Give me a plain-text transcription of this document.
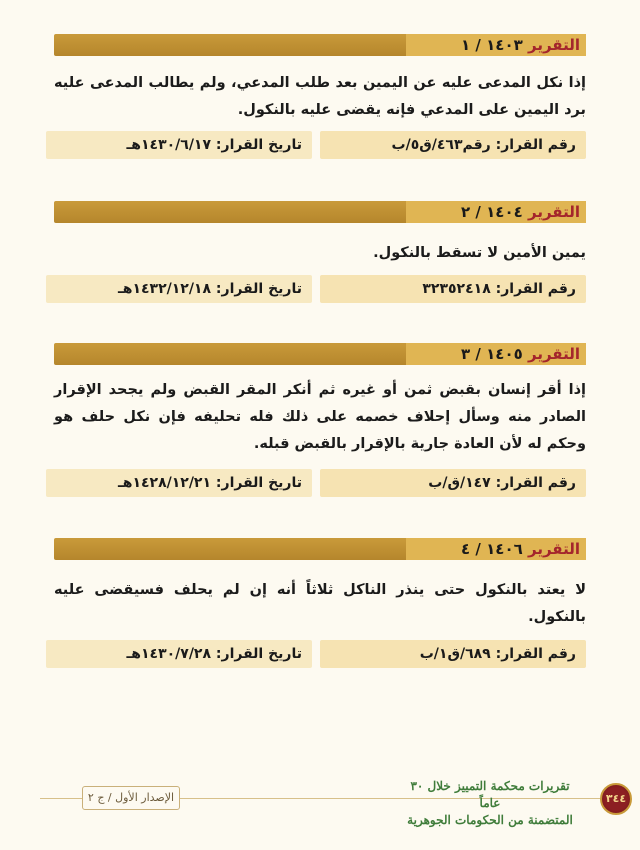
التقرير ١٤٠٣ / ١
إذا نكل المدعى عليه عن اليمين بعد طلب المدعي، ولم يطالب المدعى عليه برد اليمين على المدعي فإنه يقضى عليه بالنكول.
رقم القرار: رقم٤٦٣/ق٥/ب
تاريخ القرار: ١٤٣٠/٦/١٧هـ
التقرير ١٤٠٤ / ٢
يمين الأمين لا تسقط بالنكول.
رقم القرار: ٣٢٣٥٢٤١٨
تاريخ القرار: ١٤٣٢/١٢/١٨هـ
التقرير ١٤٠٥ / ٣
إذا أقر إنسان بقبض ثمن أو غيره ثم أنكر المقر القبض ولم يجحد الإقرار الصادر منه وسأل إحلاف خصمه على ذلك فله تحليفه فإن نكل حلف هو وحكم له لأن العادة جارية بالإقرار بالقبض قبله.
رقم القرار: ١٤٧/ق/ب
تاريخ القرار: ١٤٢٨/١٢/٢١هـ
التقرير ١٤٠٦ / ٤
لا يعتد بالنكول حتى ينذر الناكل ثلاثاً أنه إن لم يحلف فسيقضى عليه بالنكول.
رقم القرار: ٦٨٩/ق١/ب
تاريخ القرار: ١٤٣٠/٧/٢٨هـ
الإصدار الأول / ج ٢
تقريرات محكمة التمييز خلال ٣٠ عاماً
المتضمنة من الحكومات الجوهرية
٣٤٤
